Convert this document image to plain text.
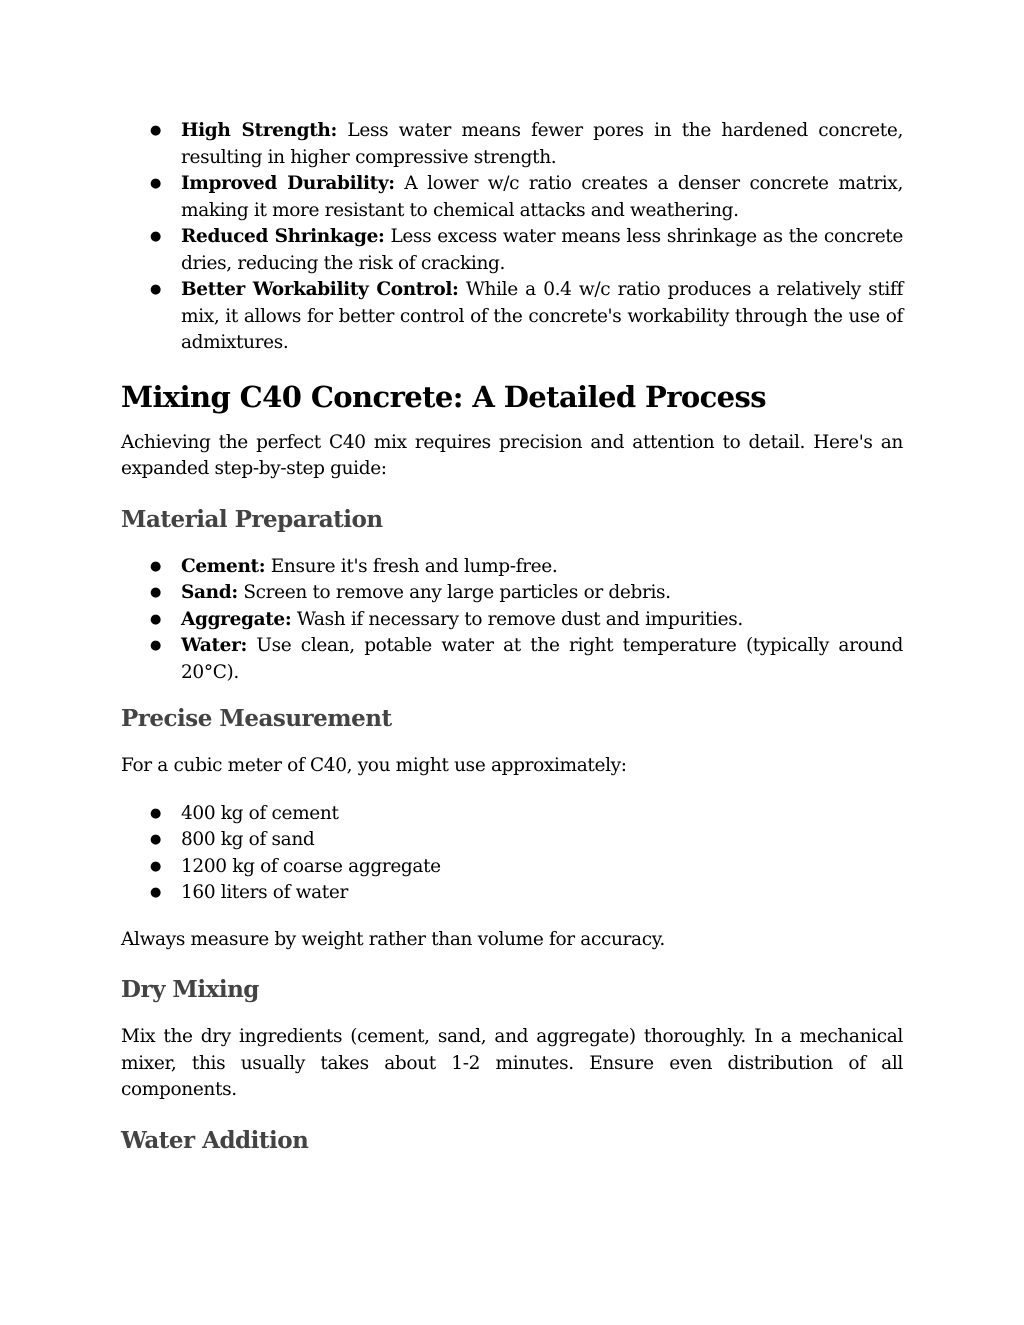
● High Strength: Less water means fewer pores in the hardened concrete, resulting in higher compressive strength.
● Improved Durability: A lower w/c ratio creates a denser concrete matrix, making it more resistant to chemical attacks and weathering.
● Reduced Shrinkage: Less excess water means less shrinkage as the concrete dries, reducing the risk of cracking.
● Better Workability Control: While a 0.4 w/c ratio produces a relatively stiff mix, it allows for better control of the concrete's workability through the use of admixtures.
Mixing C40 Concrete: A Detailed Process

Achieving the perfect C40 mix requires precision and attention to detail. Here's an expanded step-by-step guide:

Material Preparation
● Cement: Ensure it's fresh and lump-free.
● Sand: Screen to remove any large particles or debris.
● Aggregate: Wash if necessary to remove dust and impurities.
● Water: Use clean, potable water at the right temperature (typically around 20°C).
Precise Measurement

For a cubic meter of C40, you might use approximately:

● 400 kg of cement
● 800 kg of sand
● 1200 kg of coarse aggregate
● 160 liters of water

Always measure by weight rather than volume for accuracy.

Dry Mixing

Mix the dry ingredients (cement, sand, and aggregate) thoroughly. In a mechanical mixer, this usually takes about 1-2 minutes. Ensure even distribution of all components.

Water Addition
